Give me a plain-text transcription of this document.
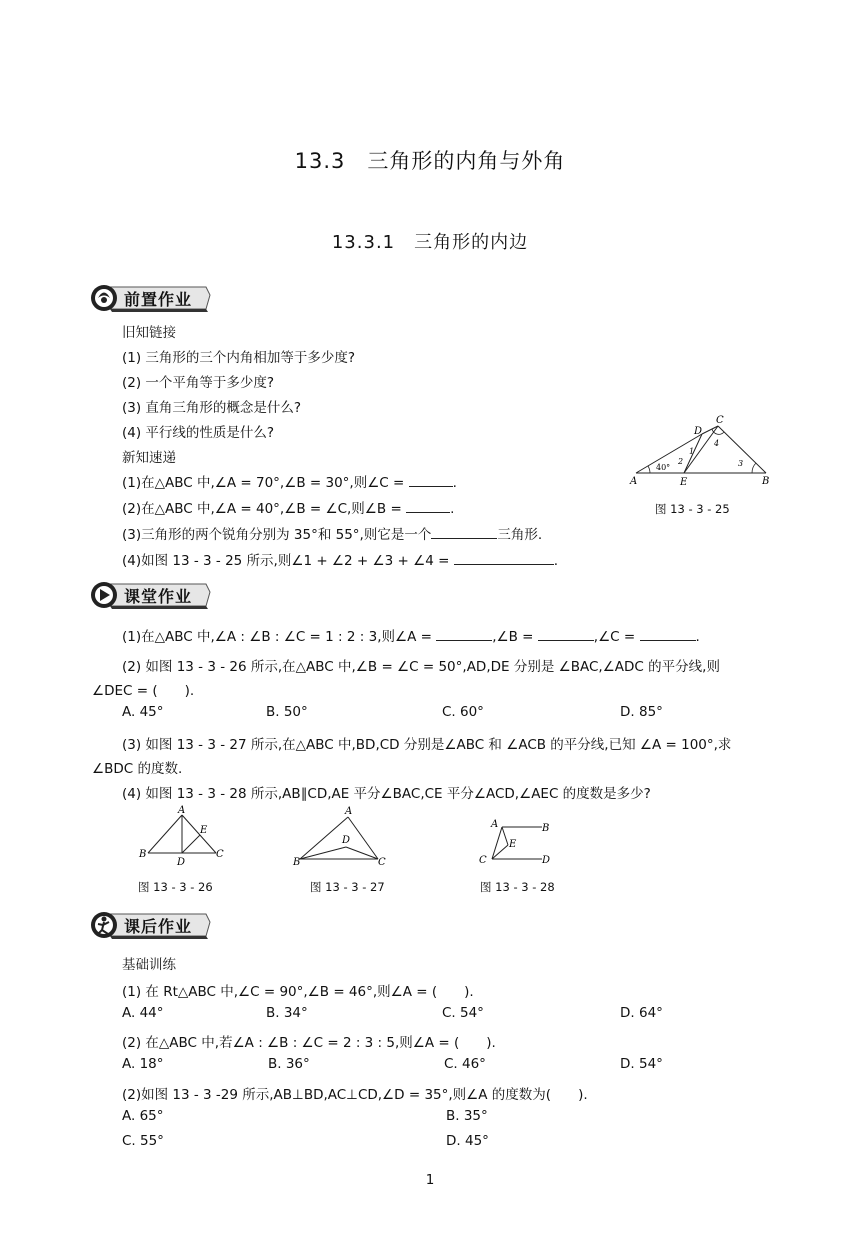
13.3　三角形的内角与外角
13.3.1　三角形的内边
前置作业
旧知链接
(1) 三角形的三个内角相加等于多少度?
(2) 一个平角等于多少度?
(3) 直角三角形的概念是什么?
(4) 平行线的性质是什么?
新知速递
(1)在△ABC 中,∠A = 70°,∠B = 30°,则∠C =	.
(2)在△ABC 中,∠A = 40°,∠B = ∠C,则∠B =	.
(3)三角形的两个锐角分别为 35°和 55°,则它是一个	三角形.
(4)如图 13 - 3 - 25 所示,则∠1 + ∠2 + ∠3 + ∠4 =	.
A	B
C
D
E
40°
1
2	3
4
图 13 - 3 - 25
课堂作业
(1)在△ABC 中,∠A : ∠B : ∠C = 1 : 2 : 3,则∠A =	,∠B =	,∠C =	.
(2) 如图 13 - 3 - 26 所示,在△ABC 中,∠B = ∠C = 50°,AD,DE 分别是 ∠BAC,∠ADC 的平分线,则
∠DEC = (　　).
A. 45°	B. 50°	C. 60°	D. 85°
(3) 如图 13 - 3 - 27 所示,在△ABC 中,BD,CD 分别是∠ABC 和 ∠ACB 的平分线,已知 ∠A = 100°,求
∠BDC 的度数.
(4) 如图 13 - 3 - 28 所示,AB∥CD,AE 平分∠BAC,CE 平分∠ACD,∠AEC 的度数是多少?
A
B	C
D
E
图 13 - 3 - 26
A
B	C
D
图 13 - 3 - 27
A	B
C	D
E
图 13 - 3 - 28
课后作业
基础训练
(1) 在 Rt△ABC 中,∠C = 90°,∠B = 46°,则∠A = (　　).
A. 44°	B. 34°	C. 54°	D. 64°
(2) 在△ABC 中,若∠A : ∠B : ∠C = 2 : 3 : 5,则∠A = (　　).
A. 18°	B. 36°	C. 46°	D. 54°
(2)如图 13 - 3 -29 所示,AB⊥BD,AC⊥CD,∠D = 35°,则∠A 的度数为(　　).
A. 65°	B. 35°
C. 55°	D. 45°
1
